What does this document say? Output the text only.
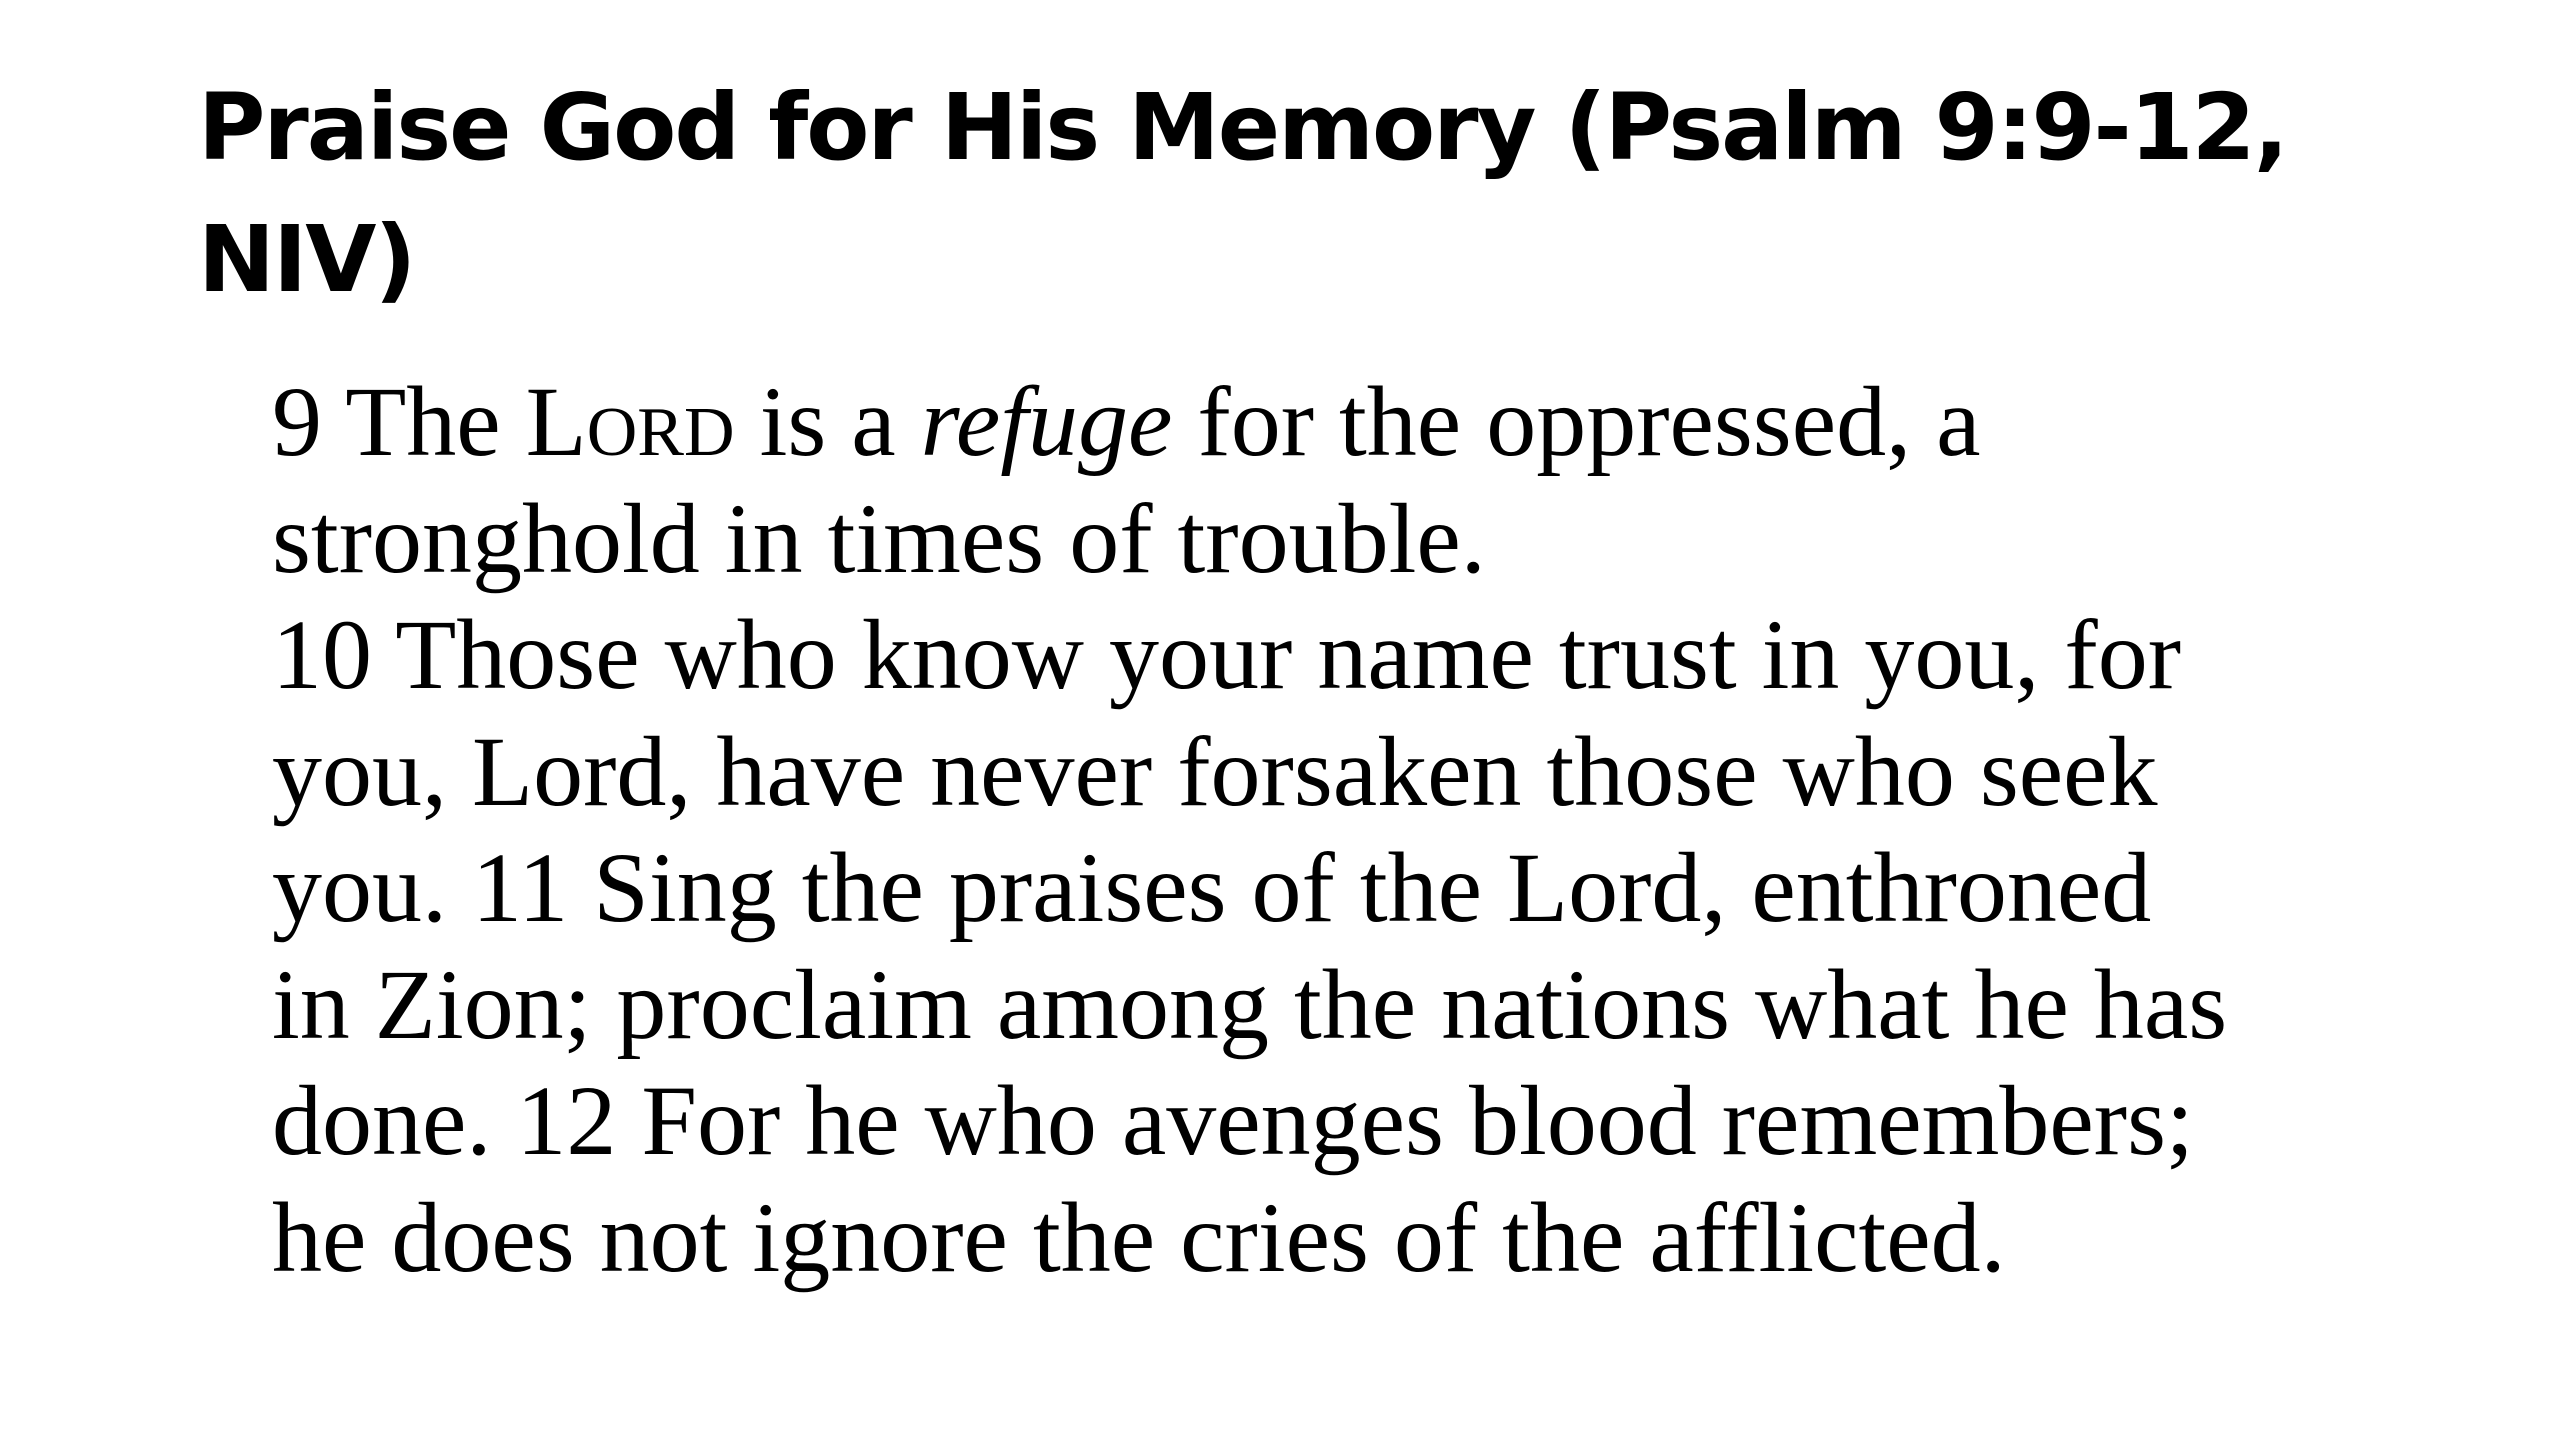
Praise God for His Memory (Psalm 9:9-12, NIV)
9 The Lord is a refuge for the oppressed, a
stronghold in times of trouble.
10 Those who know your name trust in you, for
you, Lord, have never forsaken those who seek
you. 11 Sing the praises of the Lord, enthroned
in Zion; proclaim among the nations what he has
done. 12 For he who avenges blood remembers;
he does not ignore the cries of the afflicted.
